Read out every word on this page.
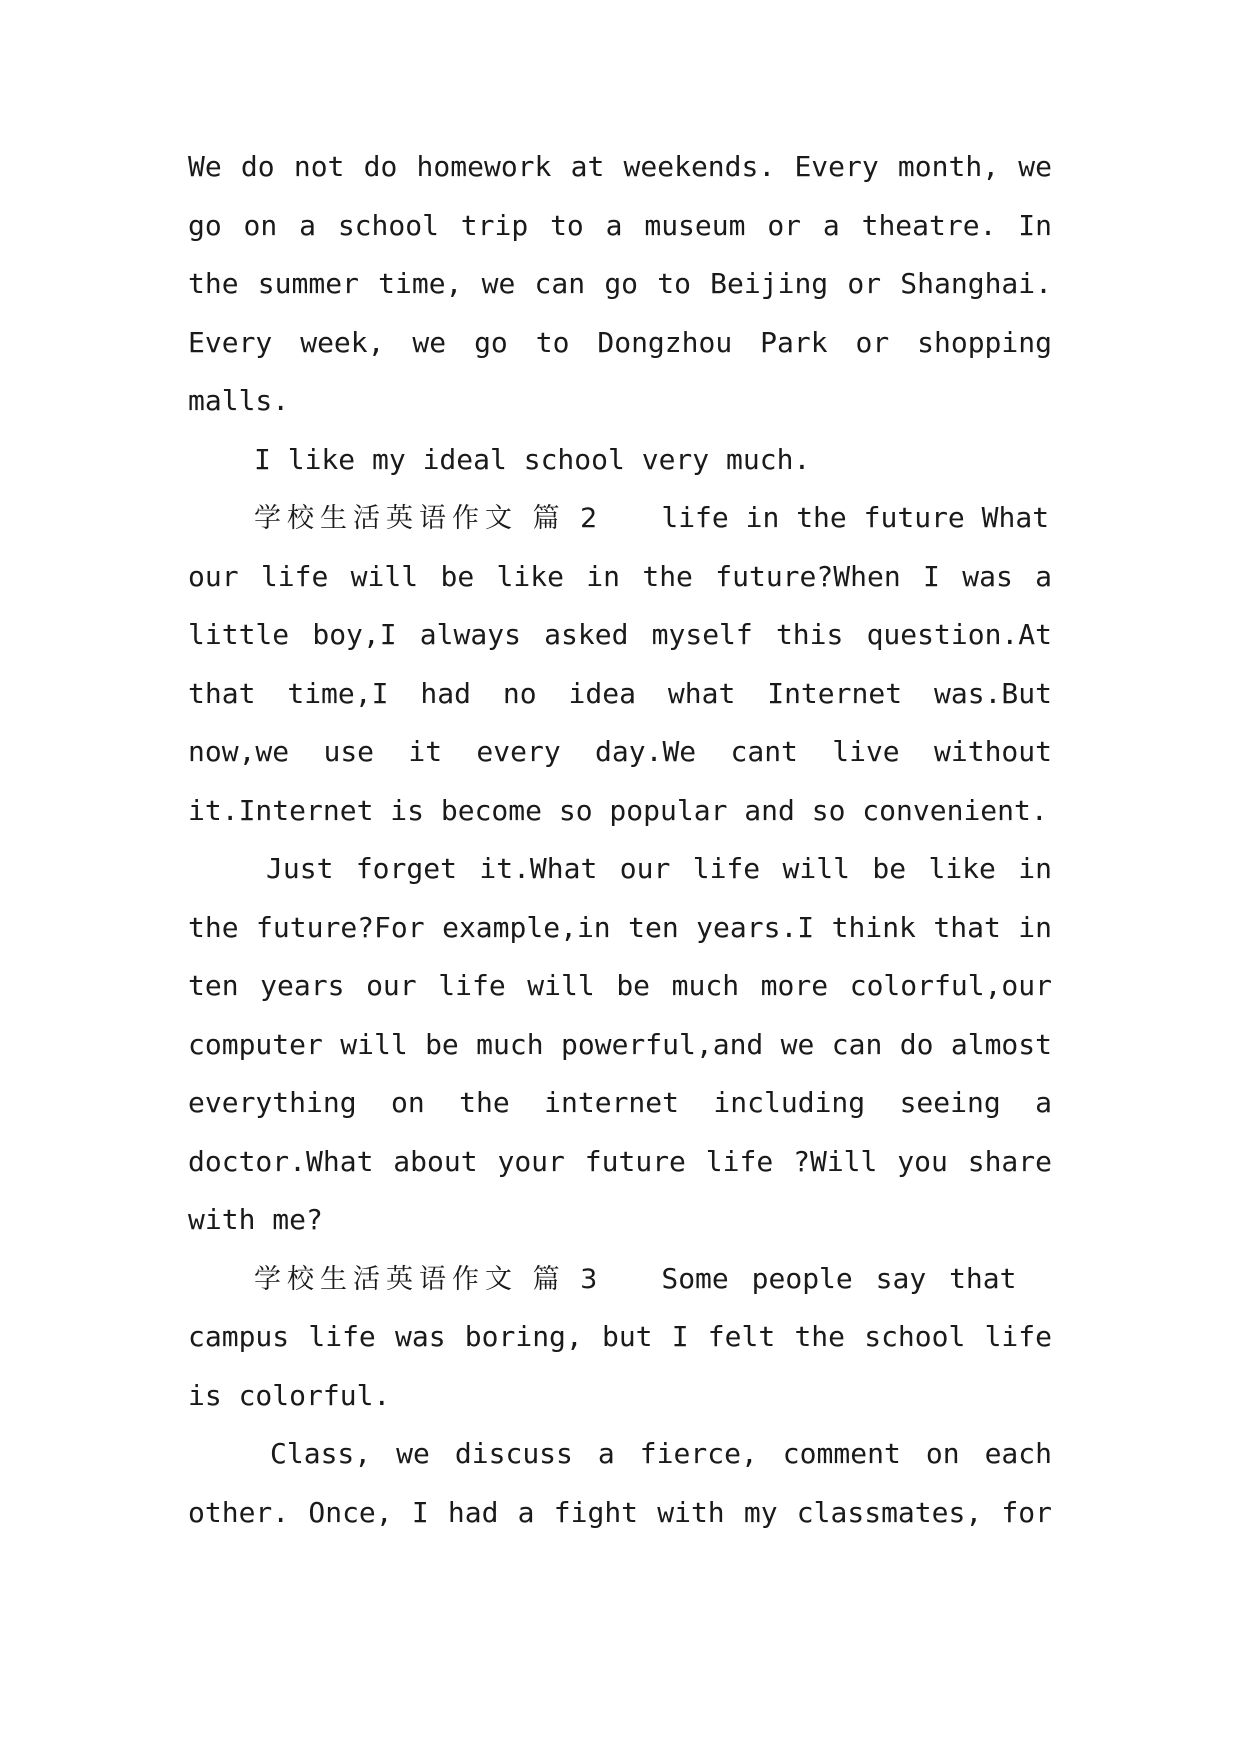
We do not do homework at weekends. Every month, we
go on a school trip to a museum or a theatre. In
the summer time, we can go to Beijing or Shanghai.
Every week, we go to Dongzhou Park or shopping
malls.
I like my ideal school very much.
学校生活英语作文 篇 2 life in the future What
our life will be like in the future?When I was a
little boy,I always asked myself this question.At
that time,I had no idea what Internet was.But
now,we use it every day.We cant live without
it.Internet is become so popular and so convenient.
Just forget it.What our life will be like in
the future?For example,in ten years.I think that in
ten years our life will be much more colorful,our
computer will be much powerful,and we can do almost
everything on the internet including seeing a
doctor.What about your future life ?Will you share
with me?
学校生活英语作文 篇 3 Some people say that
campus life was boring, but I felt the school life
is colorful.
Class, we discuss a fierce, comment on each
other. Once, I had a fight with my classmates, for
